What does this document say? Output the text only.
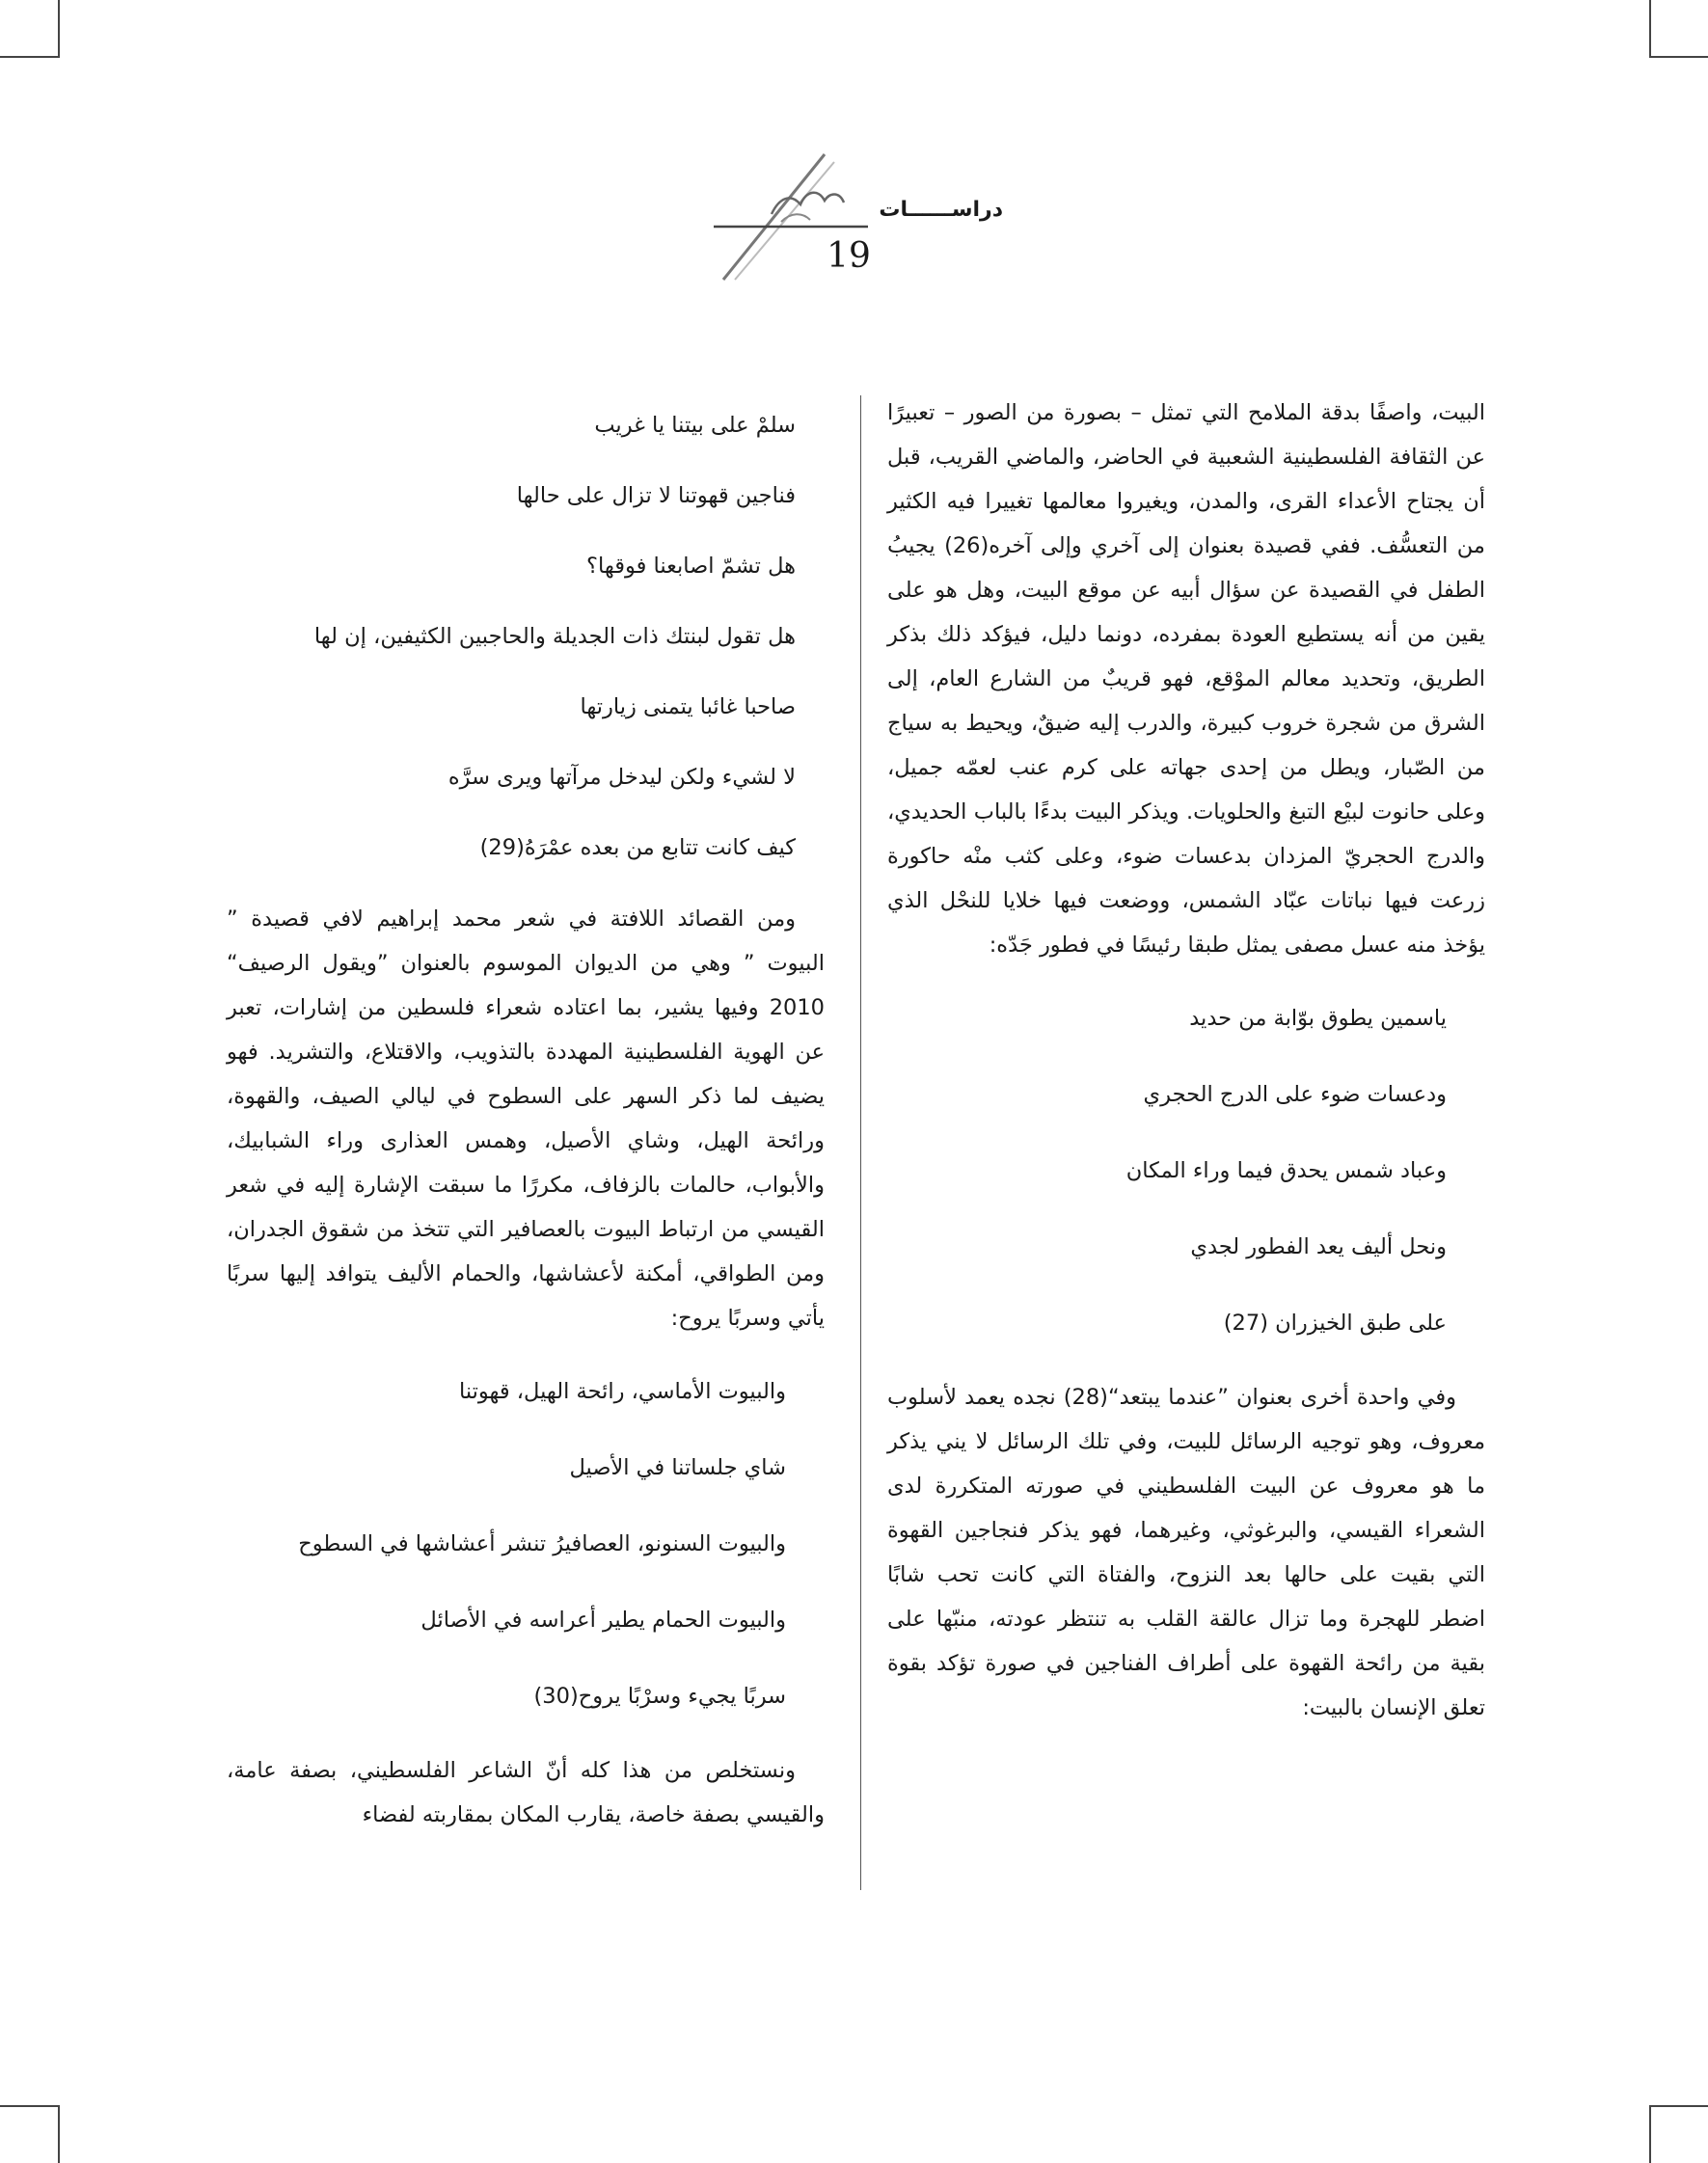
دراســــــات
19

البيت، واصفًا بدقة الملامح التي تمثل – بصورة من الصور – تعبيرًا عن الثقافة الفلسطينية الشعبية في الحاضر، والماضي القريب، قبل أن يجتاح الأعداء القرى، والمدن، ويغيروا معالمها تغييرا فيه الكثير من التعسُّف. ففي قصيدة بعنوان إلى آخري وإلى آخره(26) يجيبُ الطفل في القصيدة عن سؤال أبيه عن موقع البيت، وهل هو على يقين من أنه يستطيع العودة بمفرده، دونما دليل، فيؤكد ذلك بذكر الطريق، وتحديد معالم الموْقع، فهو قريبٌ من الشارع العام، إلى الشرق من شجرة خروب كبيرة، والدرب إليه ضيقٌ، ويحيط به سياج من الصّبار، ويطل من إحدى جهاته على كرم عنب لعمّه جميل، وعلى حانوت لبيْع التبغ والحلويات. ويذكر البيت بدءًا بالباب الحديدي، والدرج الحجريّ المزدان بدعسات ضوء، وعلى كثب منْه حاكورة زرعت فيها نباتات عبّاد الشمس، ووضعت فيها خلايا للنحْل الذي يؤخذ منه عسل مصفى يمثل طبقا رئيسًا في فطور جَدّه:

ياسمين يطوق بوّابة من حديد
ودعسات ضوء على الدرج الحجري
وعباد شمس يحدق فيما وراء المكان
ونحل أليف يعد الفطور لجدي
على طبق الخيزران (27)

وفي واحدة أخرى بعنوان ”عندما يبتعد“(28) نجده يعمد لأسلوب معروف، وهو توجيه الرسائل للبيت، وفي تلك الرسائل لا يني يذكر ما هو معروف عن البيت الفلسطيني في صورته المتكررة لدى الشعراء القيسي، والبرغوثي، وغيرهما، فهو يذكر فنجاجين القهوة التي بقيت على حالها بعد النزوح، والفتاة التي كانت تحب شابًا اضطر للهجرة وما تزال عالقة القلب به تنتظر عودته، منبّها على بقية من رائحة القهوة على أطراف الفناجين في صورة تؤكد بقوة تعلق الإنسان بالبيت:

سلمْ على بيتنا يا غريب
فناجين قهوتنا لا تزال على حالها
هل تشمّ اصابعنا فوقها؟
هل تقول لبنتك ذات الجديلة والحاجبين الكثيفين، إن لها
صاحبا غائبا يتمنى زيارتها
لا لشيء ولكن ليدخل مرآتها ويرى سرَّه
كيف كانت تتابع من بعده عمْرَهُ(29)

ومن القصائد اللافتة في شعر محمد إبراهيم لافي قصيدة ” البيوت ” وهي من الديوان الموسوم بالعنوان ”ويقول الرصيف“ 2010 وفيها يشير، بما اعتاده شعراء فلسطين من إشارات، تعبر عن الهوية الفلسطينية المهددة بالتذويب، والاقتلاع، والتشريد. فهو يضيف لما ذكر السهر على السطوح في ليالي الصيف، والقهوة، ورائحة الهيل، وشاي الأصيل، وهمس العذارى وراء الشبابيك، والأبواب، حالمات بالزفاف، مكررًا ما سبقت الإشارة إليه في شعر القيسي من ارتباط البيوت بالعصافير التي تتخذ من شقوق الجدران، ومن الطواقي، أمكنة لأعشاشها، والحمام الأليف يتوافد إليها سربًا يأتي وسربًا يروح:

والبيوت الأماسي، رائحة الهيل، قهوتنا
شاي جلساتنا في الأصيل
والبيوت السنونو، العصافيرُ تنشر أعشاشها في السطوح
والبيوت الحمام يطير أعراسه في الأصائل
سربًا يجيء وسرْبًا يروح(30)

ونستخلص من هذا كله أنّ الشاعر الفلسطيني، بصفة عامة، والقيسي بصفة خاصة، يقارب المكان بمقاربته لفضاء
